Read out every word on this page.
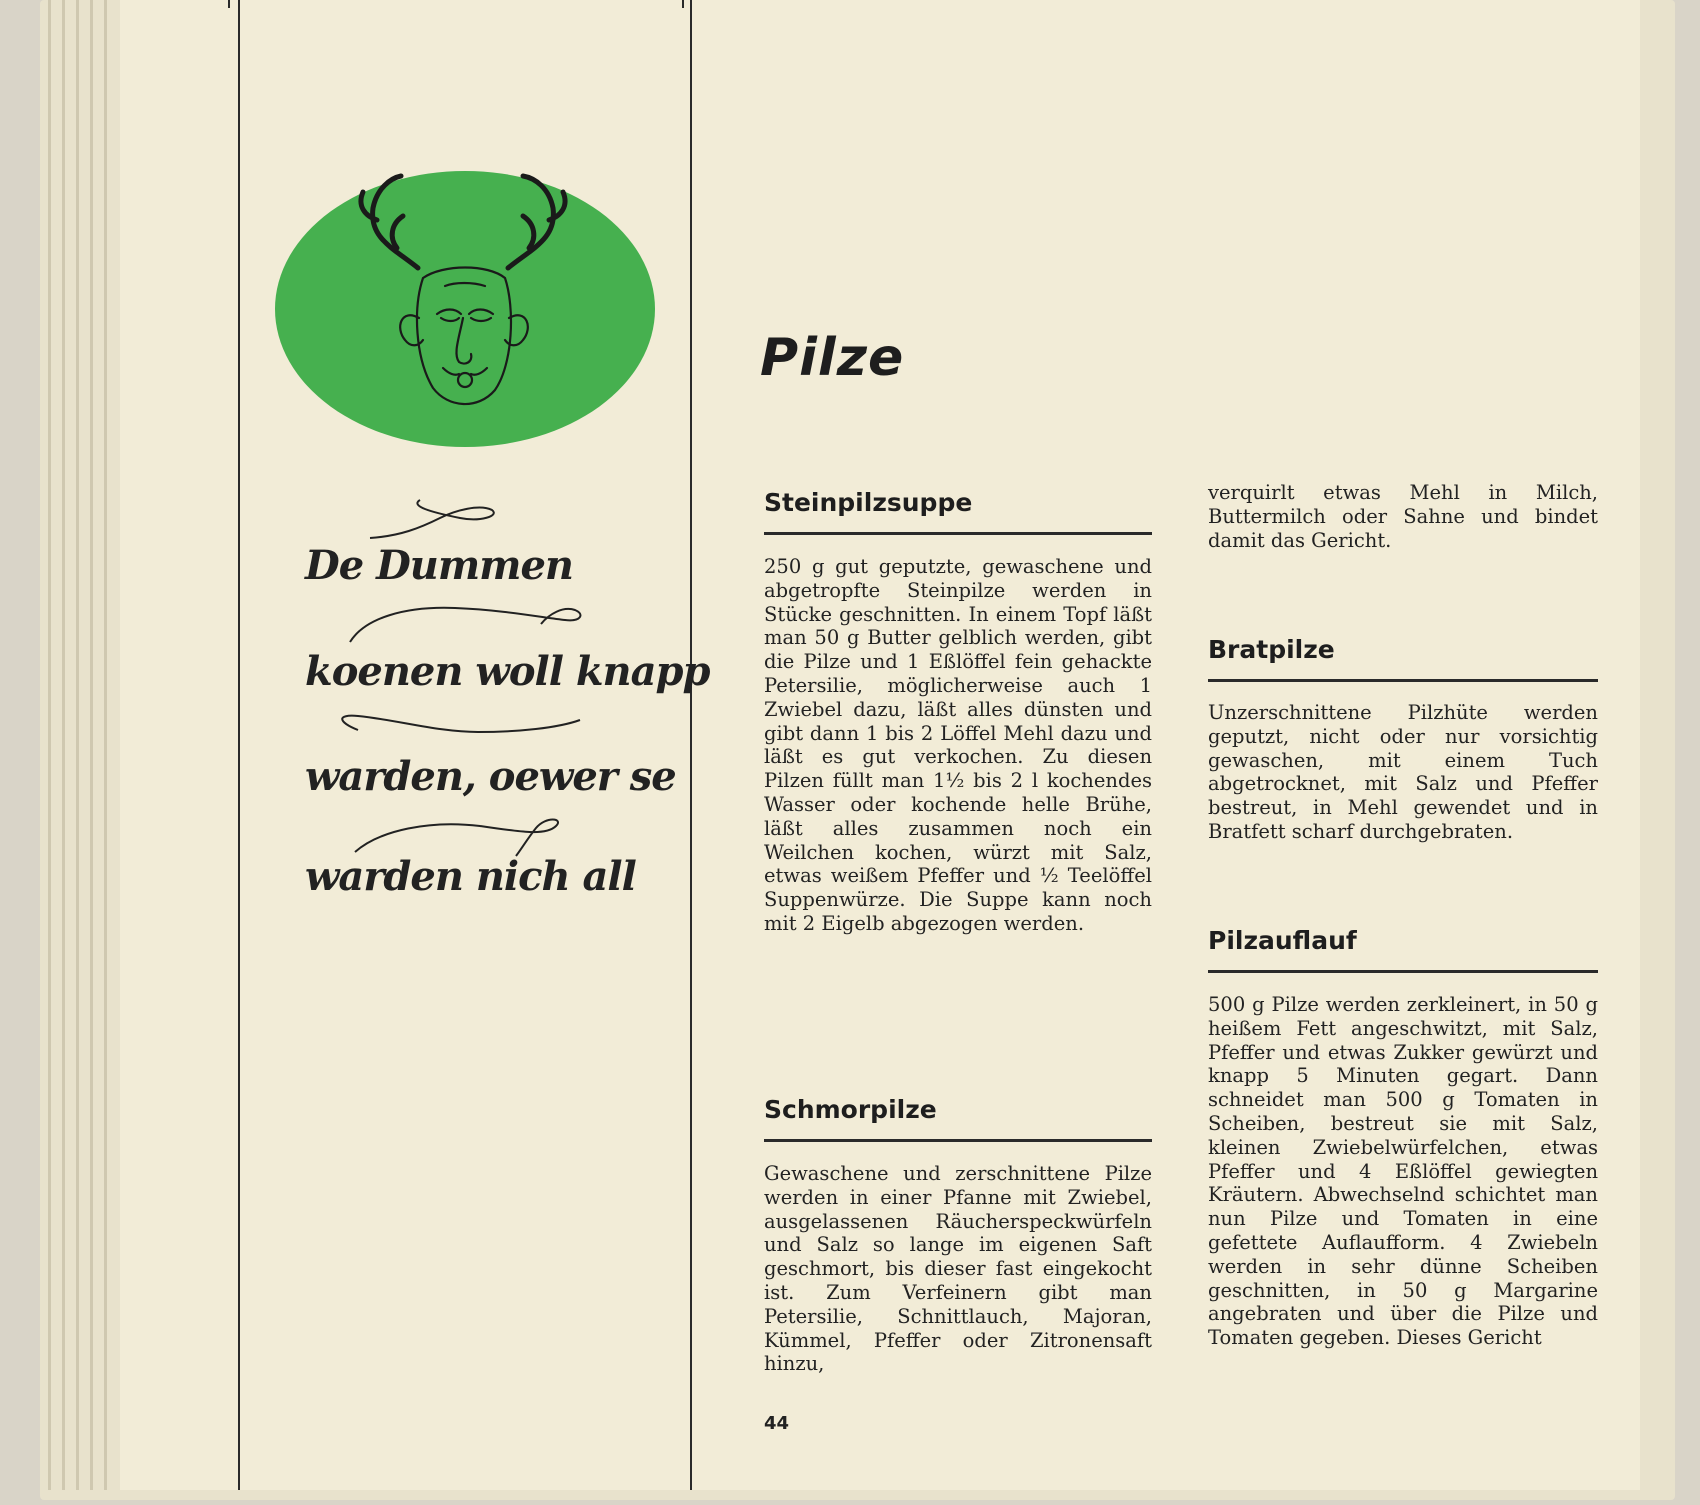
De Dummen
koenen woll knapp
warden, oewer se
warden nich all
Pilze
Steinpilzsuppe

250 g gut geputzte, gewaschene und abgetropfte Steinpilze werden in Stücke geschnitten. In einem Topf läßt man 50 g Butter gelblich werden, gibt die Pilze und 1 Eßlöffel fein gehackte Petersilie, möglicherweise auch 1 Zwiebel dazu, läßt alles dünsten und gibt dann 1 bis 2 Löffel Mehl dazu und läßt es gut verkochen. Zu diesen Pilzen füllt man 1½ bis 2 l kochendes Wasser oder kochende helle Brühe, läßt alles zusammen noch ein Weilchen kochen, würzt mit Salz, etwas weißem Pfeffer und ½ Teelöffel Suppenwürze. Die Suppe kann noch mit 2 Eigelb abgezogen werden.

Schmorpilze

Gewaschene und zerschnittene Pilze werden in einer Pfanne mit Zwiebel, ausgelassenen Räucherspeckwürfeln und Salz so lange im eigenen Saft geschmort, bis dieser fast eingekocht ist. Zum Verfeinern gibt man Petersilie, Schnittlauch, Majoran, Kümmel, Pfeffer oder Zitronensaft hinzu,

verquirlt etwas Mehl in Milch, Buttermilch oder Sahne und bindet damit das Gericht.

Bratpilze

Unzerschnittene Pilzhüte werden geputzt, nicht oder nur vorsichtig gewaschen, mit einem Tuch abgetrocknet, mit Salz und Pfeffer bestreut, in Mehl gewendet und in Bratfett scharf durchgebraten.

Pilzauflauf

500 g Pilze werden zerkleinert, in 50 g heißem Fett angeschwitzt, mit Salz, Pfeffer und etwas Zukker gewürzt und knapp 5 Minuten gegart. Dann schneidet man 500 g Tomaten in Scheiben, bestreut sie mit Salz, kleinen Zwiebelwürfelchen, etwas Pfeffer und 4 Eßlöffel gewiegten Kräutern. Abwechselnd schichtet man nun Pilze und Tomaten in eine gefettete Auflaufform. 4 Zwiebeln werden in sehr dünne Scheiben geschnitten, in 50 g Margarine angebraten und über die Pilze und Tomaten gegeben. Dieses Gericht

44
